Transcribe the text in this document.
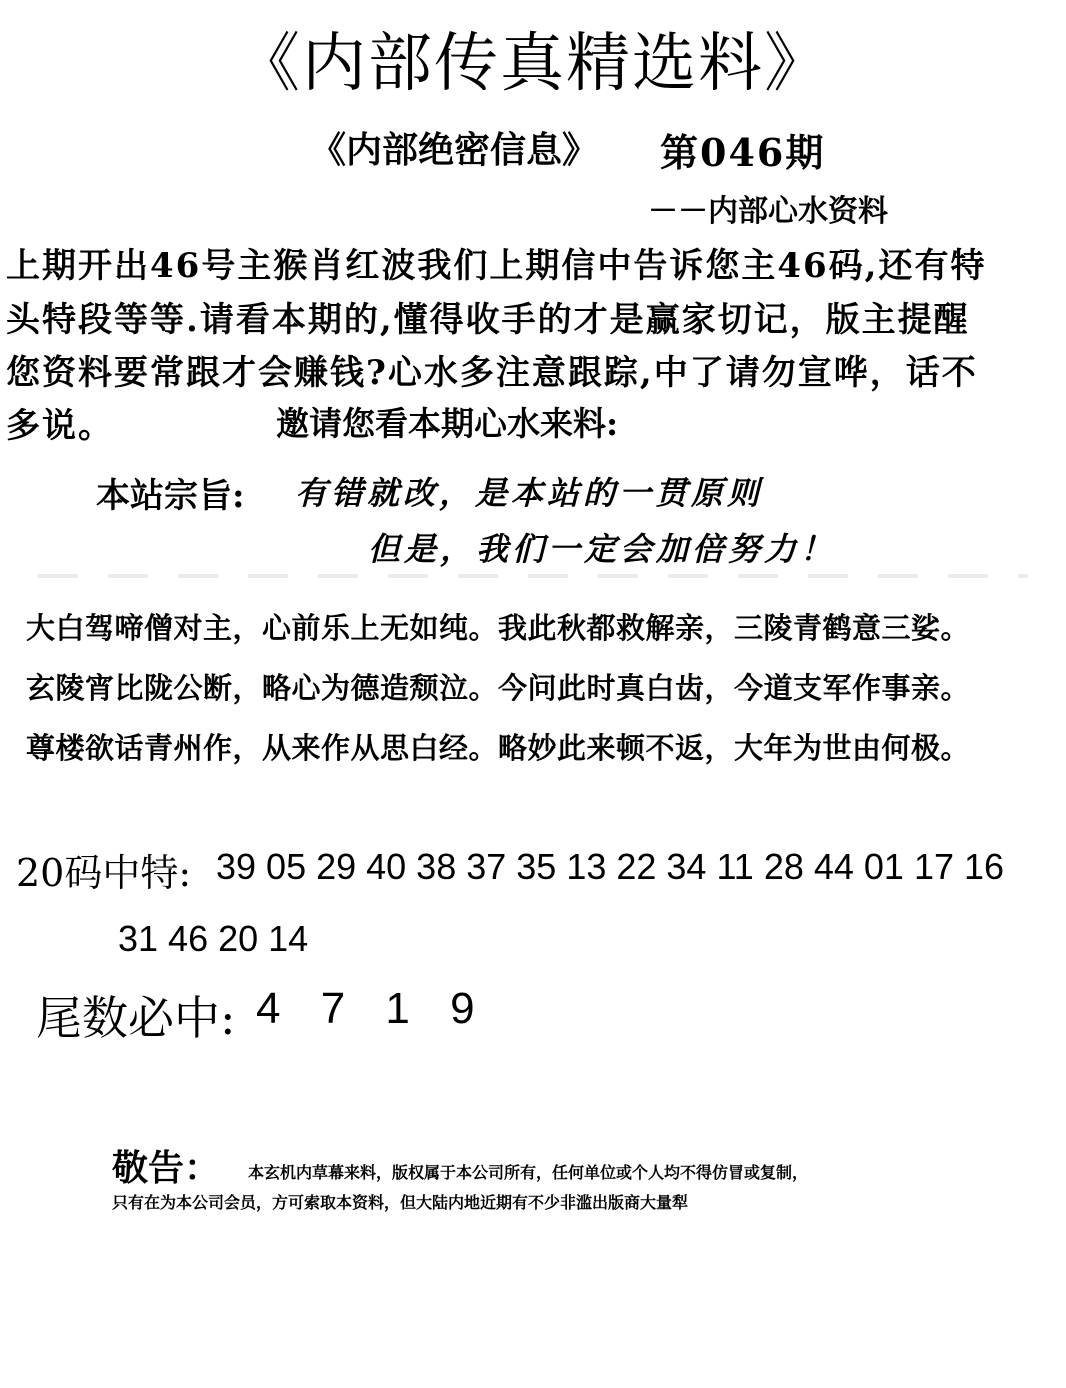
《内部传真精选料》
《内部绝密信息》 第046期
－－内部心水资料
上期开出46号主猴肖红波我们上期信中告诉您主46码,还有特
头特段等等.请看本期的,懂得收手的才是赢家切记，版主提醒
您资料要常跟才会赚钱?心水多注意跟踪,中了请勿宣哗，话不
多说。	邀请您看本期心水来料:
本站宗旨: 有错就改，是本站的一贯原则
但是，我们一定会加倍努力！
大白驾啼僧对主，心前乐上无如纯。我此秋都救解亲，三陵青鹤意三娑。
玄陵宵比陇公断，略心为德造颓泣。今问此时真白齿，今道支军作事亲。
尊楼欲话青州作，从来作从思白经。略妙此来顿不返，大年为世由何极。
20码中特: 39 05 29 40 38 37 35 13 22 34 11 28 44 01 17 16
31 46 20 14
尾数必中: 4 7 1 9
敬告： 本玄机内草幕来料，版权属于本公司所有，任何单位或个人均不得仿冒或复制，
只有在为本公司会员，方可索取本资料，但大陆内地近期有不少非滥出版商大量犁
